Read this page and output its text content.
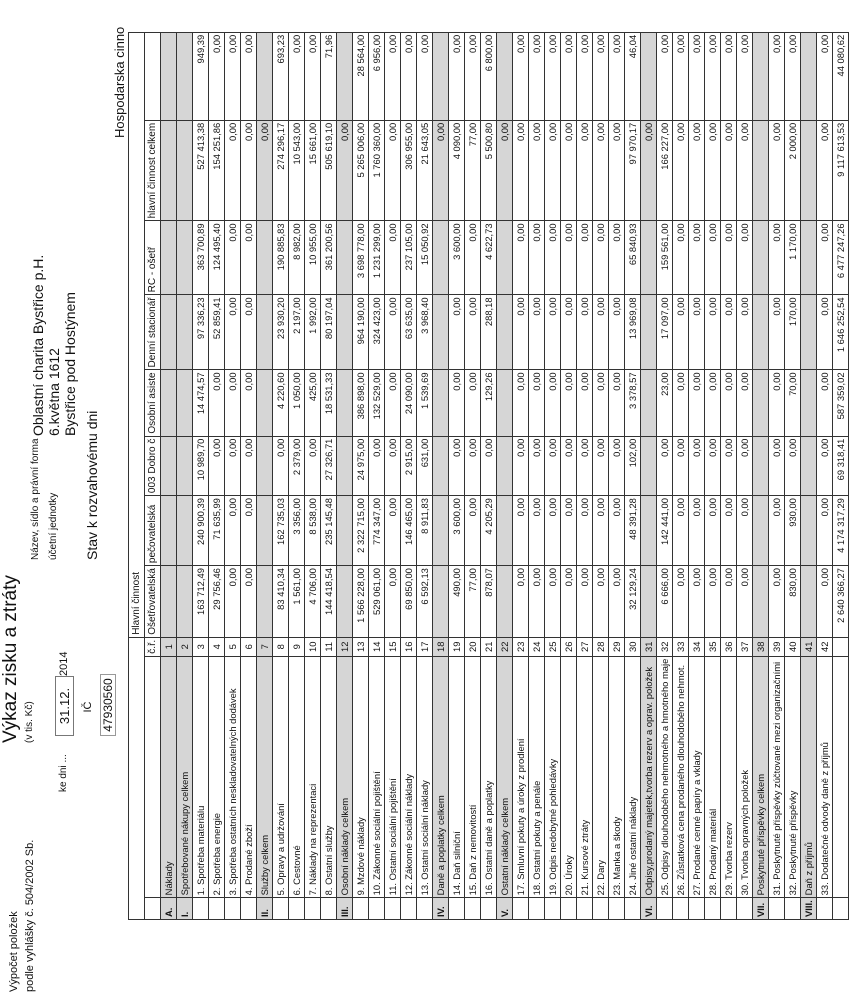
Výpočet položek podle vyhlášky č. 504/2002 Sb.
Výkaz zisku a ztráty (v tis. Kč)
ke dni ...
31.12.
2014
IČ 47930560
Název, sídlo a právní forma účetní jednotky
Oblastní charita Bystřice p.H. 6.května 1612 Bystřice pod Hostýnem
Stav k rozvahovému dni
Hospodarska cinno
			Hlavní činnost							
		č.ř.	Ošetřovatelská	pečovatelská	003 Dobro č	Osobní asiste	Denní stacionář	RC - ošetř	hlavní činnost celkem	
A.	Náklady	1								
I.	Spotřebované nákupy celkem	2								
	1. Spotřeba materiálu	3	163 712,49	240 900,39	10 989,70	14 474,57	97 336,23	363 700,89	527 413,38	949,39
	2. Spotřeba energie	4	29 756,46	71 635,99	0,00	0,00	52 859,41	124 495,40	154 251,86	0,00
	3. Spotřeba ostatních neskladovatelných dodávek	5	0,00	0,00	0,00	0,00	0,00	0,00	0,00	0,00
	4. Prodané zboží	6	0,00	0,00	0,00	0,00	0,00	0,00	0,00	0,00
II.	Služby celkem	7							0,00	
	5. Opravy a udržování	8	83 410,34	162 735,03	0,00	4 220,60	23 930,20	190 885,83	274 296,17	693,23
	6. Cestovné	9	1 561,00	3 356,00	2 379,00	1 050,00	2 197,00	8 982,00	10 543,00	0,00
	7. Náklady na reprezentaci	10	4 706,00	8 538,00	0,00	425,00	1 992,00	10 955,00	15 661,00	0,00
	8. Ostatní služby	11	144 418,54	235 145,48	27 326,71	18 531,33	80 197,04	361 200,56	505 619,10	71,96
III.	Osobní náklady celkem	12							0,00	
	9. Mzdové náklady	13	1 566 228,00	2 322 715,00	24 975,00	386 898,00	964 190,00	3 698 778,00	5 265 006,00	28 564,00
	10. Zákonné sociální pojištění	14	529 061,00	774 347,00	0,00	132 529,00	324 423,00	1 231 299,00	1 760 360,00	6 956,00
	11. Ostatní sociální pojištění	15	0,00	0,00	0,00	0,00	0,00	0,00	0,00	0,00
	12. Zákonné sociální náklady	16	69 850,00	146 465,00	2 915,00	24 090,00	63 635,00	237 105,00	306 955,00	0,00
	13. Ostatní sociální náklady	17	6 592,13	8 911,83	631,00	1 539,69	3 968,40	15 050,92	21 643,05	0,00
IV.	Daně a poplatky celkem	18							0,00	
	14. Daň silniční	19	490,00	3 600,00	0,00	0,00	0,00	3 600,00	4 090,00	0,00
	15. Daň z nemovitostí	20	77,00	0,00	0,00	0,00	0,00	0,00	77,00	0,00
	16. Ostatní daně a poplatky	21	878,07	4 205,29	0,00	129,26	288,18	4 622,73	5 500,80	6 800,00
V.	Ostatní náklady celkem	22							0,00	
	17. Smluvní pokuty a úroky z prodlení	23	0,00	0,00	0,00	0,00	0,00	0,00	0,00	0,00
	18. Ostatní pokuty a penále	24	0,00	0,00	0,00	0,00	0,00	0,00	0,00	0,00
	19. Odpis nedobytné pohledávky	25	0,00	0,00	0,00	0,00	0,00	0,00	0,00	0,00
	20. Úroky	26	0,00	0,00	0,00	0,00	0,00	0,00	0,00	0,00
	21. Kursové ztráty	27	0,00	0,00	0,00	0,00	0,00	0,00	0,00	0,00
	22. Dary	28	0,00	0,00	0,00	0,00	0,00	0,00	0,00	0,00
	23. Manka a škody	29	0,00	0,00	0,00	0,00	0,00	0,00	0,00	0,00
	24. Jiné ostatní náklady	30	32 129,24	48 391,28	102,00	3 378,57	13 969,08	65 840,93	97 970,17	46,04
VI.	Odpisy,prodaný majetek,tvorba rezerv a oprav. položek	31							0,00	
	25. Odpisy dlouhodobého nehmotného a hmotného maje	32	6 666,00	142 441,00	0,00	23,00	17 097,00	159 561,00	166 227,00	0,00
	26. Zůstatková cena prodaného dlouhodobého nehmot.	33	0,00	0,00	0,00	0,00	0,00	0,00	0,00	0,00
	27. Prodané cenné papíry a vklady	34	0,00	0,00	0,00	0,00	0,00	0,00	0,00	0,00
	28. Prodaný materiál	35	0,00	0,00	0,00	0,00	0,00	0,00	0,00	0,00
	29. Tvorba rezerv	36	0,00	0,00	0,00	0,00	0,00	0,00	0,00	0,00
	30. Tvorba opravných položek	37	0,00	0,00	0,00	0,00	0,00	0,00	0,00	0,00
VII.	Poskytnuté příspěvky celkem	38								
	31. Poskytnuté příspěvky zúčtované mezi organizačními	39	0,00	0,00	0,00	0,00	0,00	0,00	0,00	0,00
	32. Poskytnuté příspěvky	40	830,00	930,00	0,00	70,00	170,00	1 170,00	2 000,00	0,00
VIII.	Daň z příjmů	41								
	33. Dodatečné odvody daně z příjmů	42	0,00	0,00	0,00	0,00	0,00	0,00	0,00	0,00
			2 640 366,27	4 174 317,29	69 318,41	587 359,02	1 646 252,54	6 477 247,26	9 117 613,53	44 080,62
